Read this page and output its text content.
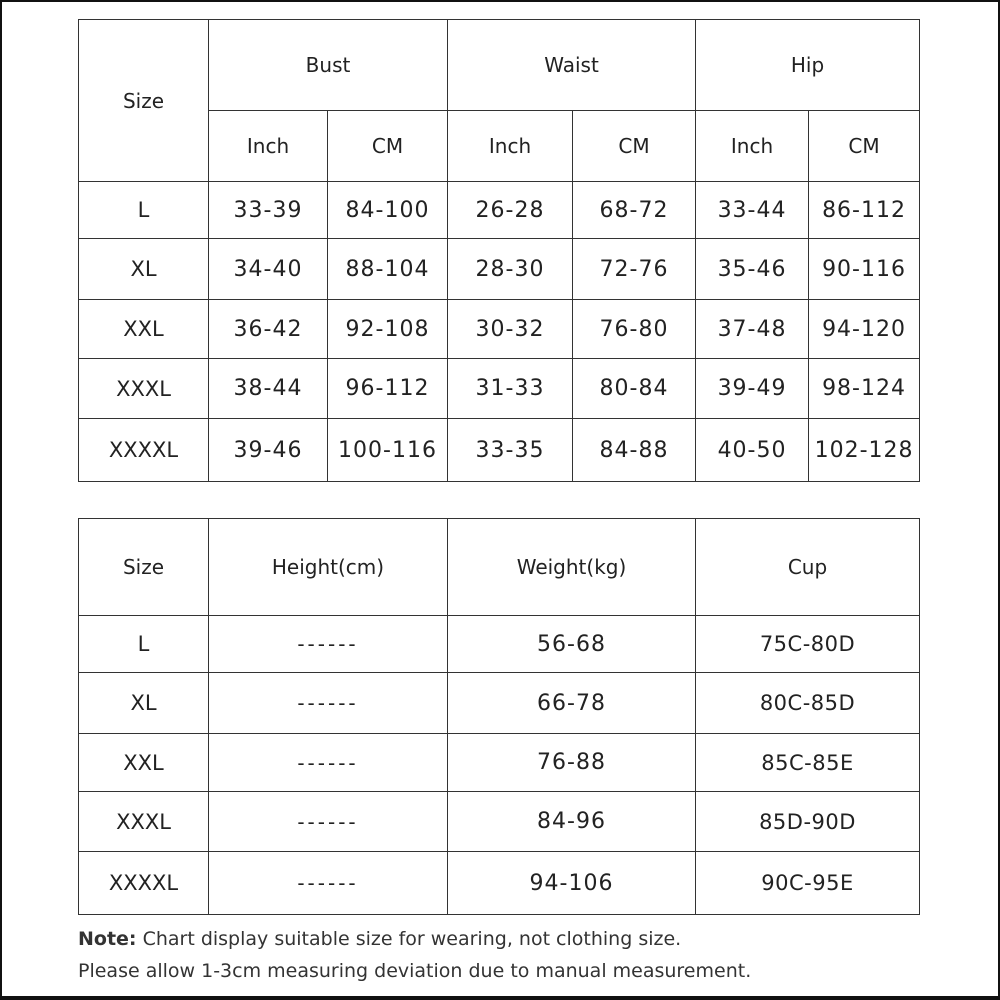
Size	Bust		Waist		Hip	
	Inch	CM	Inch	CM	Inch	CM
L	33-39	84-100	26-28	68-72	33-44	86-112
XL	34-40	88-104	28-30	72-76	35-46	90-116
XXL	36-42	92-108	30-32	76-80	37-48	94-120
XXXL	38-44	96-112	31-33	80-84	39-49	98-124
XXXXL	39-46	100-116	33-35	84-88	40-50	102-128
Size	Height(cm)	Weight(kg)	Cup
L	------	56-68	75C-80D
XL	------	66-78	80C-85D
XXL	------	76-88	85C-85E
XXXL	------	84-96	85D-90D
XXXXL	------	94-106	90C-95E
Note: Chart display suitable size for wearing, not clothing size.
Please allow 1-3cm measuring deviation due to manual measurement.
